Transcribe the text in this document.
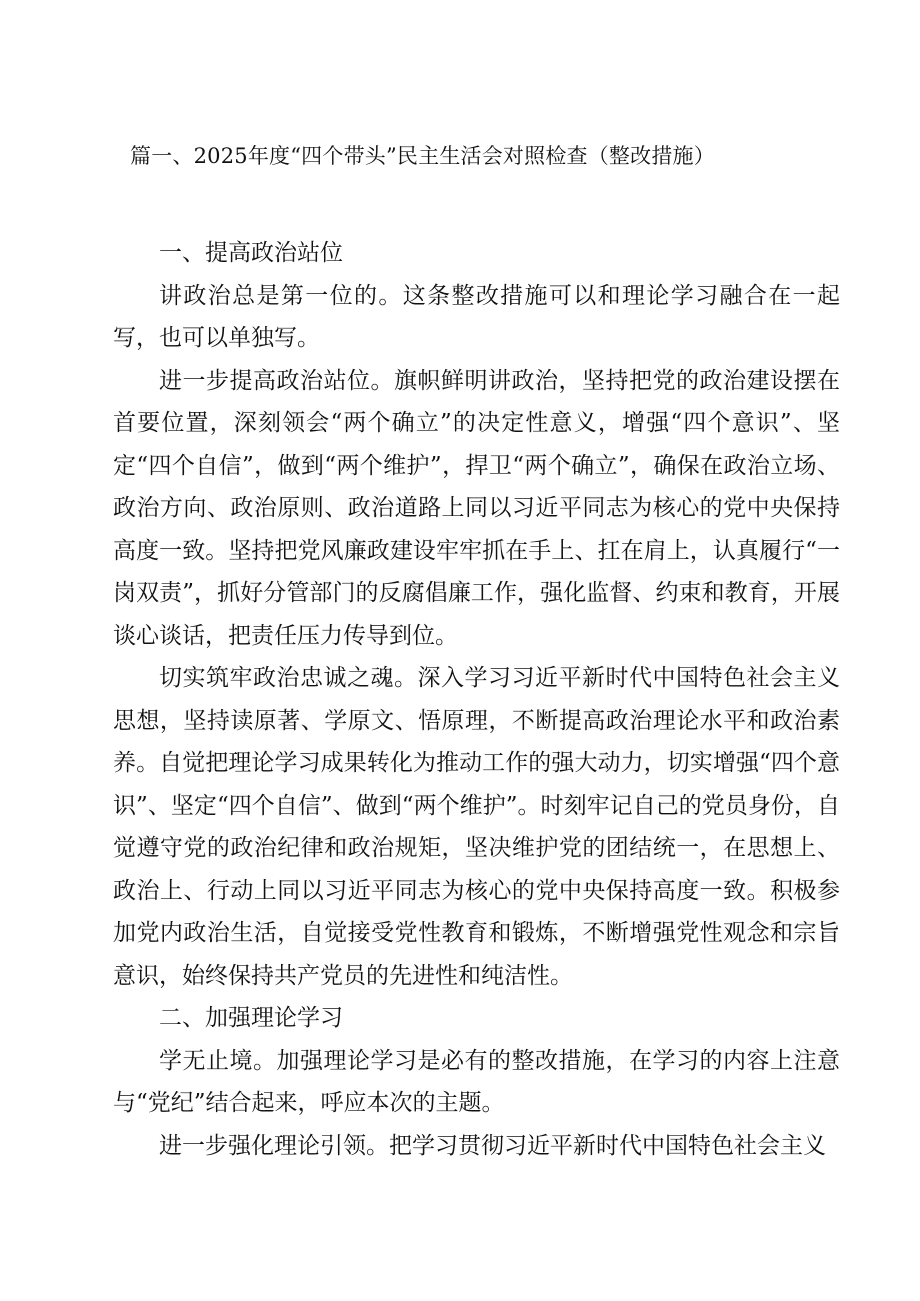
篇一、2025年度“四个带头”民主生活会对照检查（整改措施）
一、提高政治站位

讲政治总是第一位的。这条整改措施可以和理论学习融合在一起写，也可以单独写。

进一步提高政治站位。旗帜鲜明讲政治，坚持把党的政治建设摆在首要位置，深刻领会“两个确立”的决定性意义，增强“四个意识”、坚定“四个自信”，做到“两个维护”，捍卫“两个确立”，确保在政治立场、政治方向、政治原则、政治道路上同以习近平同志为核心的党中央保持高度一致。坚持把党风廉政建设牢牢抓在手上、扛在肩上，认真履行“一岗双责”，抓好分管部门的反腐倡廉工作，强化监督、约束和教育，开展谈心谈话，把责任压力传导到位。

切实筑牢政治忠诚之魂。深入学习习近平新时代中国特色社会主义思想，坚持读原著、学原文、悟原理，不断提高政治理论水平和政治素养。自觉把理论学习成果转化为推动工作的强大动力，切实增强“四个意识”、坚定“四个自信”、做到“两个维护”。时刻牢记自己的党员身份，自觉遵守党的政治纪律和政治规矩，坚决维护党的团结统一，在思想上、政治上、行动上同以习近平同志为核心的党中央保持高度一致。积极参加党内政治生活，自觉接受党性教育和锻炼，不断增强党性观念和宗旨意识，始终保持共产党员的先进性和纯洁性。

二、加强理论学习

学无止境。加强理论学习是必有的整改措施，在学习的内容上注意与“党纪”结合起来，呼应本次的主题。

进一步强化理论引领。把学习贯彻习近平新时代中国特色社会主义
